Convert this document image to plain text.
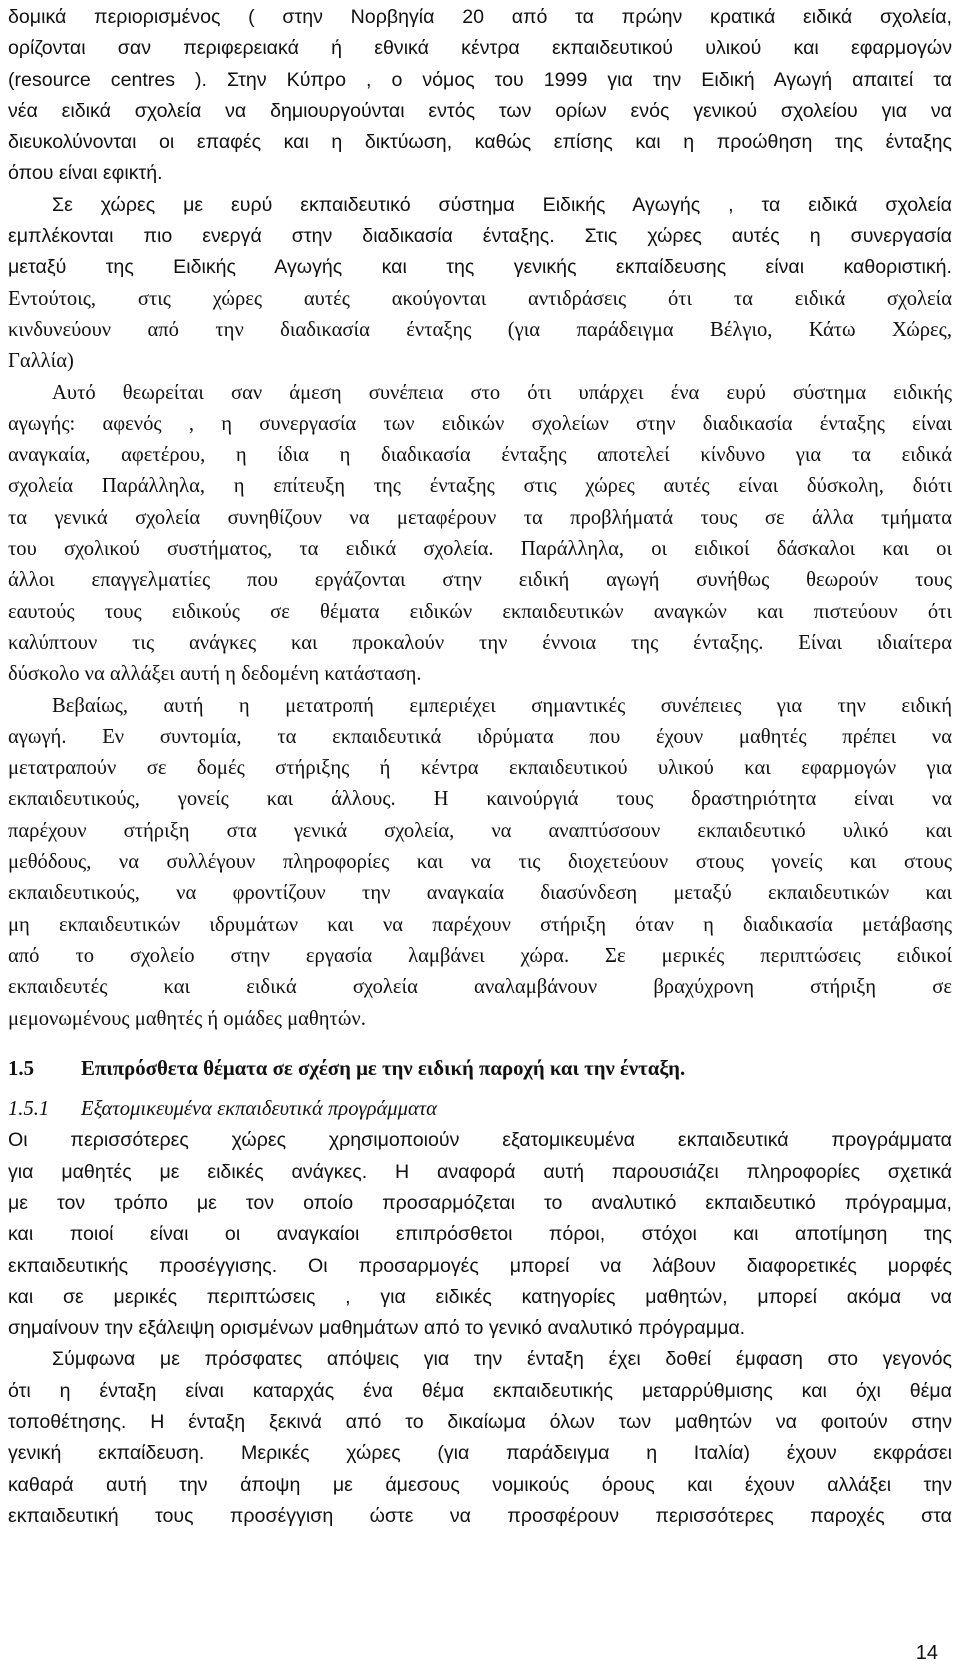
δομικά περιορισμένος ( στην Νορβηγία 20 από τα πρώην κρατικά ειδικά σχολεία,
ορίζονται σαν περιφερειακά ή εθνικά κέντρα εκπαιδευτικού υλικού και εφαρμογών
(resource centres ). Στην Κύπρο , ο νόμος του 1999 για την Ειδική Αγωγή απαιτεί τα
νέα ειδικά σχολεία να δημιουργούνται εντός των ορίων ενός γενικού σχολείου για να
διευκολύνονται οι επαφές και η δικτύωση, καθώς επίσης και η προώθηση της ένταξης
όπου είναι εφικτή.
Σε χώρες με ευρύ εκπαιδευτικό σύστημα Ειδικής Αγωγής , τα ειδικά σχολεία
εμπλέκονται πιο ενεργά στην διαδικασία ένταξης. Στις χώρες αυτές η συνεργασία
μεταξύ της Ειδικής Αγωγής και της γενικής εκπαίδευσης είναι καθοριστική.
Εντούτοις, στις χώρες αυτές ακούγονται αντιδράσεις ότι τα ειδικά σχολεία
κινδυνεύουν από την διαδικασία ένταξης (για παράδειγμα Βέλγιο, Κάτω Χώρες,
Γαλλία)
Αυτό θεωρείται σαν άμεση συνέπεια στο ότι υπάρχει ένα ευρύ σύστημα ειδικής
αγωγής: αφενός , η συνεργασία των ειδικών σχολείων στην διαδικασία ένταξης είναι
αναγκαία, αφετέρου, η ίδια η διαδικασία ένταξης αποτελεί κίνδυνο για τα ειδικά
σχολεία Παράλληλα, η επίτευξη της ένταξης στις χώρες αυτές είναι δύσκολη, διότι
τα γενικά σχολεία συνηθίζουν να μεταφέρουν τα προβλήματά τους σε άλλα τμήματα
του σχολικού συστήματος, τα ειδικά σχολεία. Παράλληλα, οι ειδικοί δάσκαλοι και οι
άλλοι επαγγελματίες που εργάζονται στην ειδική αγωγή συνήθως θεωρούν τους
εαυτούς τους ειδικούς σε θέματα ειδικών εκπαιδευτικών αναγκών και πιστεύουν ότι
καλύπτουν τις ανάγκες και προκαλούν την έννοια της ένταξης. Είναι ιδιαίτερα
δύσκολο να αλλάξει αυτή η δεδομένη κατάσταση.
Βεβαίως, αυτή η μετατροπή εμπεριέχει σημαντικές συνέπειες για την ειδική
αγωγή. Εν συντομία, τα εκπαιδευτικά ιδρύματα που έχουν μαθητές πρέπει να
μετατραπούν σε δομές στήριξης ή κέντρα εκπαιδευτικού υλικού και εφαρμογών για
εκπαιδευτικούς, γονείς και άλλους. Η καινούργιά τους δραστηριότητα είναι να
παρέχουν στήριξη στα γενικά σχολεία, να αναπτύσσουν εκπαιδευτικό υλικό και
μεθόδους, να συλλέγουν πληροφορίες και να τις διοχετεύουν στους γονείς και στους
εκπαιδευτικούς, να φροντίζουν την αναγκαία διασύνδεση μεταξύ εκπαιδευτικών και
μη εκπαιδευτικών ιδρυμάτων και να παρέχουν στήριξη όταν η διαδικασία μετάβασης
από το σχολείο στην εργασία λαμβάνει χώρα. Σε μερικές περιπτώσεις ειδικοί
εκπαιδευτές και ειδικά σχολεία αναλαμβάνουν βραχύχρονη στήριξη σε
μεμονωμένους μαθητές ή ομάδες μαθητών.
1.5	Επιπρόσθετα θέματα σε σχέση με την ειδική παροχή και την ένταξη.
1.5.1	Εξατομικευμένα εκπαιδευτικά προγράμματα
Οι περισσότερες χώρες χρησιμοποιούν εξατομικευμένα εκπαιδευτικά προγράμματα
για μαθητές με ειδικές ανάγκες. Η αναφορά αυτή παρουσιάζει πληροφορίες σχετικά
με τον τρόπο με τον οποίο προσαρμόζεται το αναλυτικό εκπαιδευτικό πρόγραμμα,
και ποιοί είναι οι αναγκαίοι επιπρόσθετοι πόροι, στόχοι και αποτίμηση της
εκπαιδευτικής προσέγγισης. Οι προσαρμογές μπορεί να λάβουν διαφορετικές μορφές
και σε μερικές περιπτώσεις , για ειδικές κατηγορίες μαθητών, μπορεί ακόμα να
σημαίνουν την εξάλειψη ορισμένων μαθημάτων από το γενικό αναλυτικό πρόγραμμα.
Σύμφωνα με πρόσφατες απόψεις για την ένταξη έχει δοθεί έμφαση στο γεγονός
ότι η ένταξη είναι καταρχάς ένα θέμα εκπαιδευτικής μεταρρύθμισης και όχι θέμα
τοποθέτησης. Η ένταξη ξεκινά από το δικαίωμα όλων των μαθητών να φοιτούν στην
γενική εκπαίδευση. Μερικές χώρες (για παράδειγμα η Ιταλία) έχουν εκφράσει
καθαρά αυτή την άποψη με άμεσους νομικούς όρους και έχουν αλλάξει την
εκπαιδευτική τους προσέγγιση ώστε να προσφέρουν περισσότερες παροχές στα
14
